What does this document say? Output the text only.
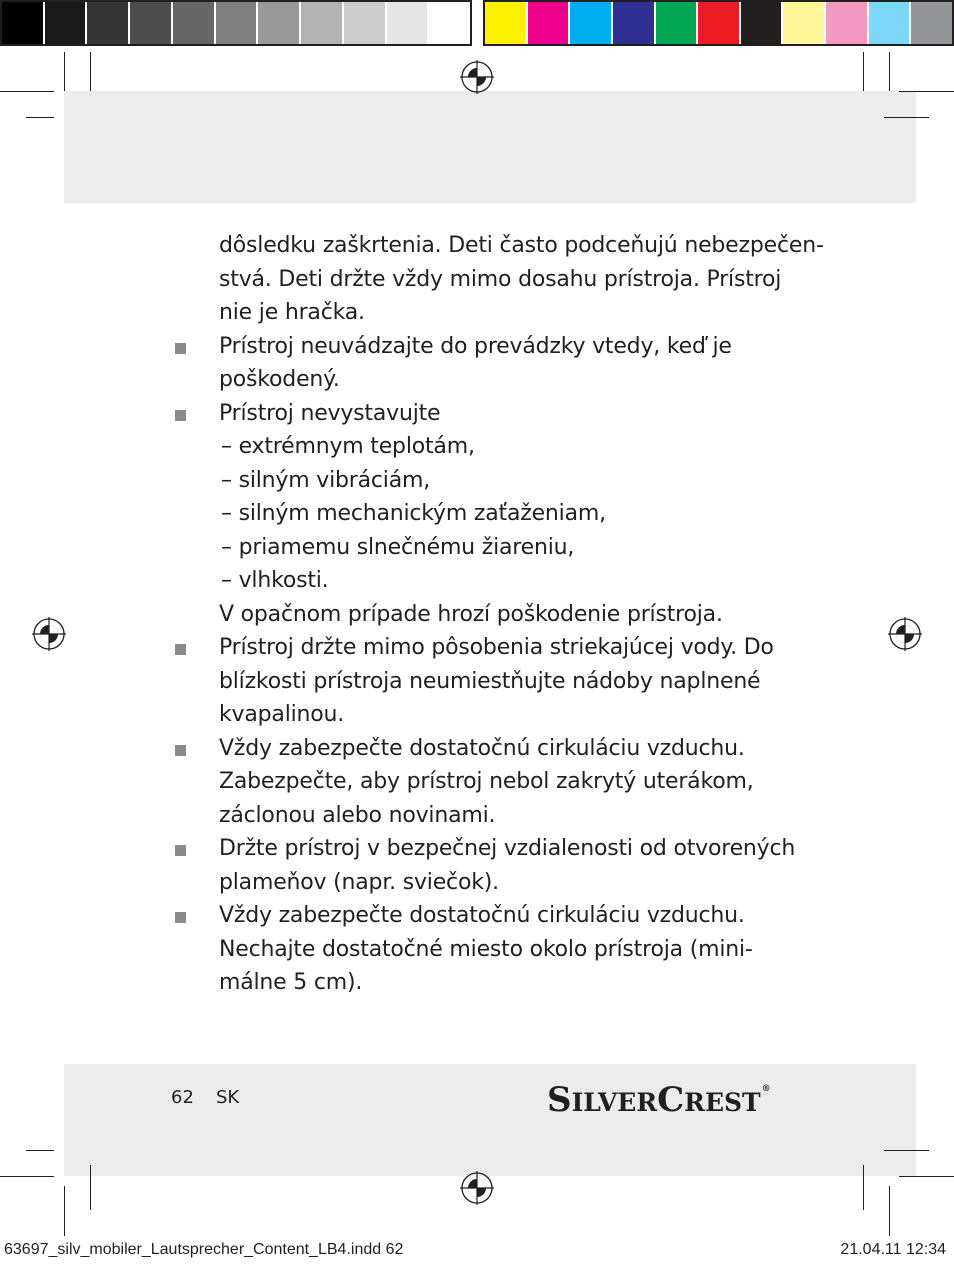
dôsledku zaškrtenia. Deti často podceňujú nebezpečen-
stvá. Deti držte vždy mimo dosahu prístroja. Prístroj
nie je hračka.

Prístroj neuvádzajte do prevádzky vtedy, keď je
poškodený.

Prístroj nevystavujte
– extrémnym teplotám,
– silným vibráciám,
– silným mechanickým zaťaženiam,
– priamemu slnečnému žiareniu,
– vlhkosti.
V opačnom prípade hrozí poškodenie prístroja.

Prístroj držte mimo pôsobenia striekajúcej vody. Do
blízkosti prístroja neumiestňujte nádoby naplnené
kvapalinou.

Vždy zabezpečte dostatočnú cirkuláciu vzduchu.
Zabezpečte, aby prístroj nebol zakrytý uterákom,
záclonou alebo novinami.

Držte prístroj v bezpečnej vzdialenosti od otvorených
plameňov (napr. sviečok).

Vždy zabezpečte dostatočnú cirkuláciu vzduchu.
Nechajte dostatočné miesto okolo prístroja (mini-
málne 5 cm).

62 SK	SILVERCREST®
63697_silv_mobiler_Lautsprecher_Content_LB4.indd 62	21.04.11 12:34
